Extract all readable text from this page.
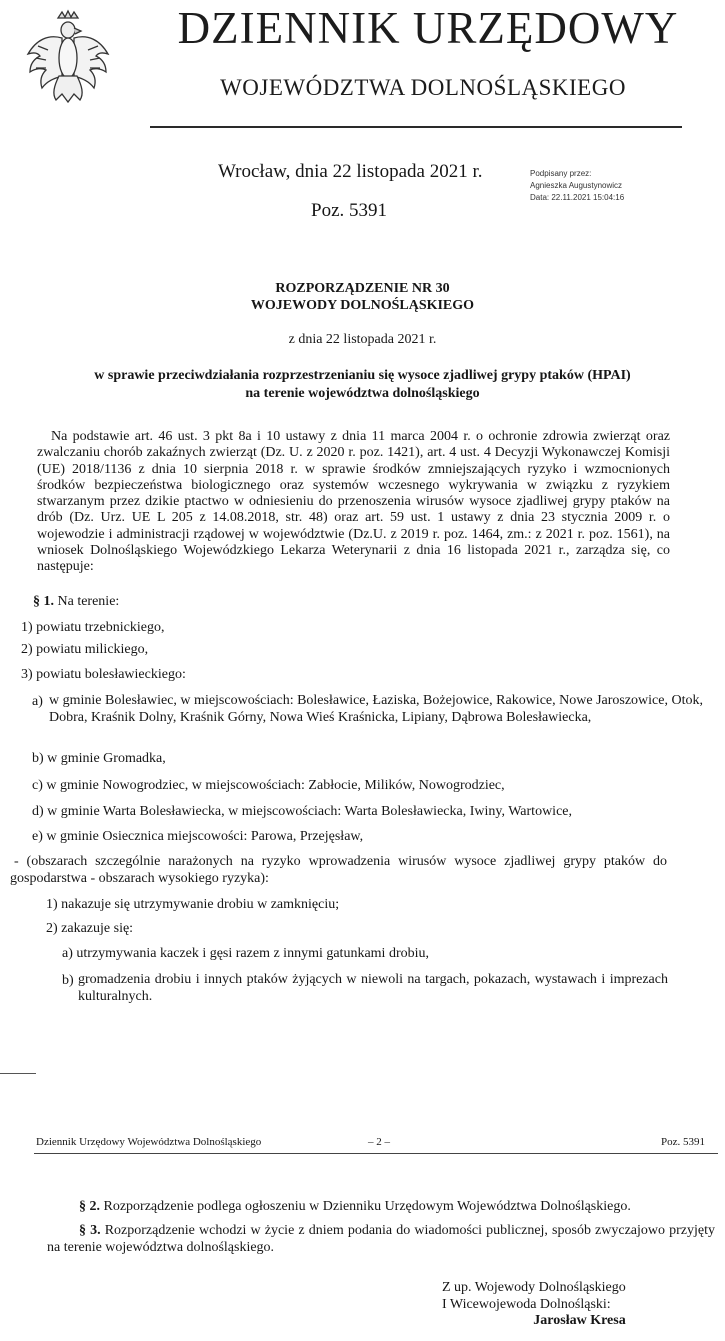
DZIENNIK URZĘDOWY
WOJEWÓDZTWA DOLNOŚLĄSKIEGO
Wrocław, dnia 22 listopada 2021 r.
Poz. 5391
Podpisany przez:
Agnieszka Augustynowicz
Data: 22.11.2021 15:04:16
ROZPORZĄDZENIE NR 30
WOJEWODY DOLNOŚLĄSKIEGO
z dnia 22 listopada 2021 r.
w sprawie przeciwdziałania rozprzestrzenianiu się wysoce zjadliwej grypy ptaków (HPAI)
na terenie województwa dolnośląskiego
Na podstawie art. 46 ust. 3 pkt 8a i 10 ustawy z dnia 11 marca 2004 r. o ochronie zdrowia zwierząt oraz zwalczaniu chorób zakaźnych zwierząt (Dz. U. z 2020 r. poz. 1421), art. 4 ust. 4 Decyzji Wykonawczej Komisji (UE) 2018/1136 z dnia 10 sierpnia 2018 r. w sprawie środków zmniejszających ryzyko i wzmocnionych środków bezpieczeństwa biologicznego oraz systemów wczesnego wykrywania w związku z ryzykiem stwarzanym przez dzikie ptactwo w odniesieniu do przenoszenia wirusów wysoce zjadliwej grypy ptaków na drób (Dz. Urz. UE L 205 z 14.08.2018, str. 48) oraz art. 59 ust. 1 ustawy z dnia 23 stycznia 2009 r. o wojewodzie i administracji rządowej w województwie (Dz.U. z 2019 r. poz. 1464, zm.: z 2021 r. poz. 1561), na wniosek Dolnośląskiego Wojewódzkiego Lekarza Weterynarii z dnia 16 listopada 2021 r., zarządza się, co następuje:
§ 1. Na terenie:
1) powiatu trzebnickiego,
2) powiatu milickiego,
3) powiatu bolesławieckiego:
a) w gminie Bolesławiec, w miejscowościach: Bolesławice, Łaziska, Bożejowice, Rakowice, Nowe Jaroszowice, Otok, Dobra, Kraśnik Dolny, Kraśnik Górny, Nowa Wieś Kraśnicka, Lipiany, Dąbrowa Bolesławiecka,
b) w gminie Gromadka,
c) w gminie Nowogrodziec, w miejscowościach: Zabłocie, Milików, Nowogrodziec,
d) w gminie Warta Bolesławiecka, w miejscowościach: Warta Bolesławiecka, Iwiny, Wartowice,
e) w gminie Osiecznica miejscowości: Parowa, Przejęsław,
- (obszarach szczególnie narażonych na ryzyko wprowadzenia wirusów wysoce zjadliwej grypy ptaków do gospodarstwa - obszarach wysokiego ryzyka):
1) nakazuje się utrzymywanie drobiu w zamknięciu;
2) zakazuje się:
a) utrzymywania kaczek i gęsi razem z innymi gatunkami drobiu,
b) gromadzenia drobiu i innych ptaków żyjących w niewoli na targach, pokazach, wystawach i imprezach kulturalnych.
Dziennik Urzędowy Województwa Dolnośląskiego	– 2 –	Poz. 5391
§ 2. Rozporządzenie podlega ogłoszeniu w Dzienniku Urzędowym Województwa Dolnośląskiego.
§ 3. Rozporządzenie wchodzi w życie z dniem podania do wiadomości publicznej, sposób zwyczajowo przyjęty na terenie województwa dolnośląskiego.
Z up. Wojewody Dolnośląskiego
I Wicewojewoda Dolnośląski:
Jarosław Kresa
